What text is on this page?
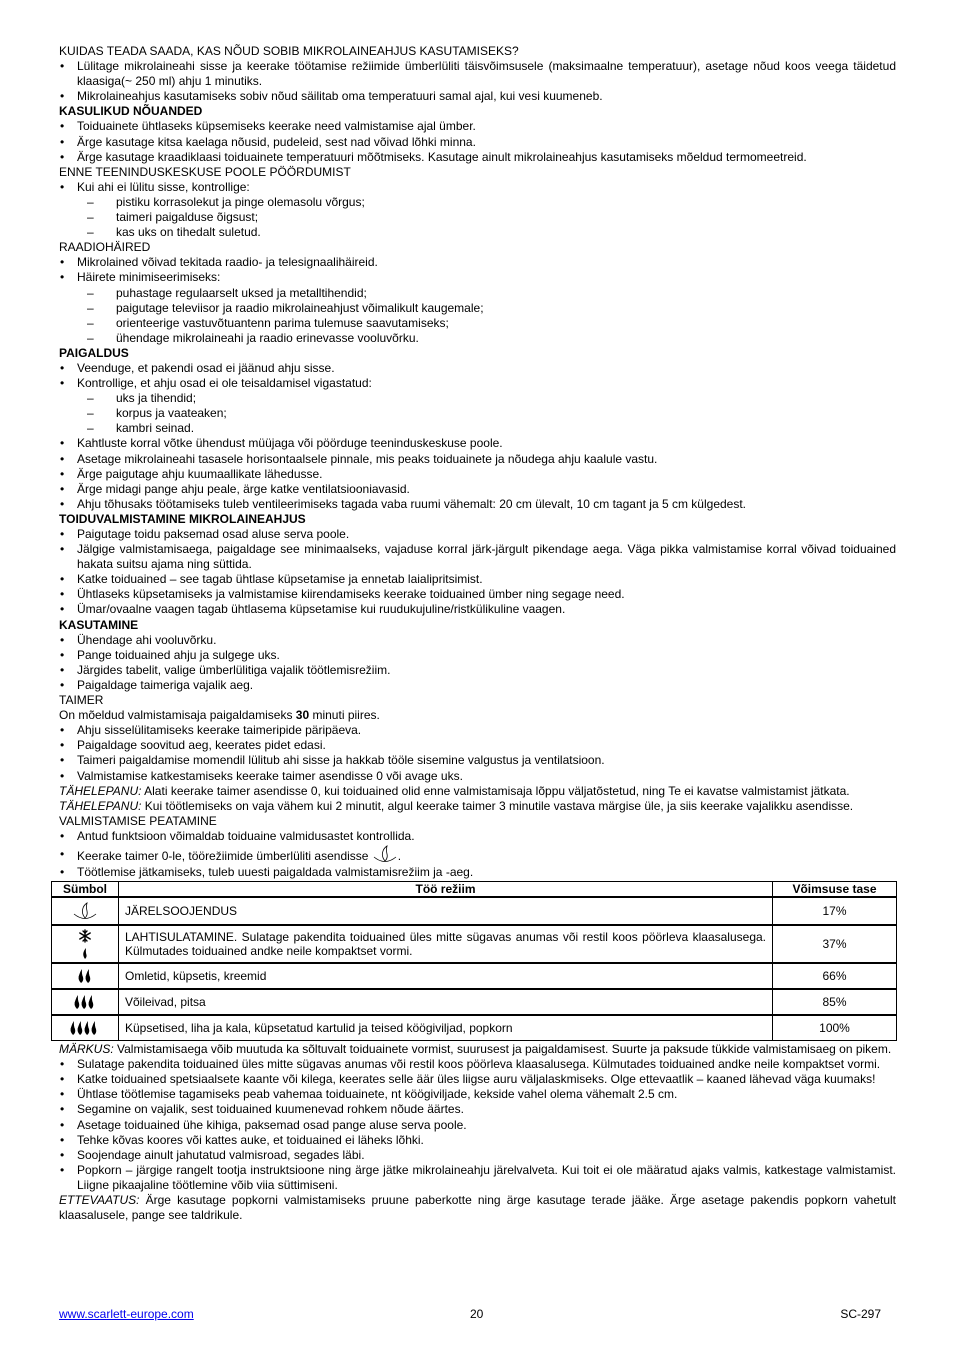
KUIDAS TEADA SAADA, KAS NÕUD SOBIB MIKROLAINEAHJUS KASUTAMISEKS?
• Lülitage mikrolaineahi sisse ja keerake töötamise režiimide ümberlüliti täisvõimsusele (maksimaalne temperatuur), asetage nõud koos veega täidetud klaasiga(~ 250 ml) ahju 1 minutiks.
• Mikrolaineahjus kasutamiseks sobiv nõud säilitab oma temperatuuri samal ajal, kui vesi kuumeneb.
KASULIKUD NÕUANDED
• Toiduainete ühtlaseks küpsemiseks keerake need valmistamise ajal ümber.
• Ärge kasutage kitsa kaelaga nõusid, pudeleid, sest nad võivad lõhki minna.
• Ärge kasutage kraadiklaasi toiduainete temperatuuri mõõtmiseks. Kasutage ainult mikrolaineahjus kasutamiseks mõeldud termomeetreid.
ENNE TEENINDUSKESKUSE POOLE PÖÖRDUMIST
• Kui ahi ei lülitu sisse, kontrollige:
– pistiku korrasolekut ja pinge olemasolu võrgus;
– taimeri paigalduse õigsust;
– kas uks on tihedalt suletud.
RAADIOHÄIRED
• Mikrolained võivad tekitada raadio- ja telesignaalihäireid.
• Häirete minimiseerimiseks:
– puhastage regulaarselt uksed ja metalltihendid;
– paigutage televiisor ja raadio mikrolaineahjust võimalikult kaugemale;
– orienteerige vastuvõtuantenn parima tulemuse saavutamiseks;
– ühendage mikrolaineahi ja raadio erinevasse vooluvõrku.
PAIGALDUS
• Veenduge, et pakendi osad ei jäänud ahju sisse.
• Kontrollige, et ahju osad ei ole teisaldamisel vigastatud:
– uks ja tihendid;
– korpus ja vaateaken;
– kambri seinad.
• Kahtluste korral võtke ühendust müüjaga või pöörduge teeninduskeskuse poole.
• Asetage mikrolaineahi tasasele horisontaalsele pinnale, mis peaks toiduainete ja nõudega ahju kaalule vastu.
• Ärge paigutage ahju kuumaallikate lähedusse.
• Ärge midagi pange ahju peale, ärge katke ventilatsiooniavasid.
• Ahju tõhusaks töötamiseks tuleb ventileerimiseks tagada vaba ruumi vähemalt: 20 cm ülevalt, 10 cm tagant ja 5 cm külgedest.
TOIDUVALMISTAMINE MIKROLAINEAHJUS
• Paigutage toidu paksemad osad aluse serva poole.
• Jälgige valmistamisaega, paigaldage see minimaalseks, vajaduse korral järk-järgult pikendage aega. Väga pikka valmistamise korral võivad toiduained hakata suitsu ajama ning süttida.
• Katke toiduained – see tagab ühtlase küpsetamise ja ennetab laialipritsimist.
• Ühtlaseks küpsetamiseks ja valmistamise kiirendamiseks keerake toiduained ümber ning segage need.
• Ümar/ovaalne vaagen tagab ühtlasema küpsetamise kui ruudukujuline/ristkülikuline vaagen.
KASUTAMINE
• Ühendage ahi vooluvõrku.
• Pange toiduained ahju ja sulgege uks.
• Järgides tabelit, valige ümberlülitiga vajalik töötlemisrežiim.
• Paigaldage taimeriga vajalik aeg.
TAIMER
On mõeldud valmistamisaja paigaldamiseks 30 minuti piires.
• Ahju sisselülitamiseks keerake taimeripide päripäeva.
• Paigaldage soovitud aeg, keerates pidet edasi.
• Taimeri paigaldamise momendil lülitub ahi sisse ja hakkab tööle sisemine valgustus ja ventilatsioon.
• Valmistamise katkestamiseks keerake taimer asendisse 0 või avage uks.
TÄHELEPANU: Alati keerake taimer asendisse 0, kui toiduained olid enne valmistamisaja lõppu väljatõstetud, ning Te ei kavatse valmistamist jätkata.
TÄHELEPANU: Kui töötlemiseks on vaja vähem kui 2 minutit, algul keerake taimer 3 minutile vastava märgise üle, ja siis keerake vajalikku asendisse.
VALMISTAMISE PEATAMINE
• Antud funktsioon võimaldab toiduaine valmidusastet kontrollida.
• Keerake taimer 0-le, töörežiimide ümberlüliti asendisse .
• Töötlemise jätkamiseks, tuleb uuesti paigaldada valmistamisrežiim ja -aeg.
Sümbol	Töö režiim	Võimsuse tase

	JÄRELSOOJENDUS	17%

	LAHTISULATAMINE. Sulatage pakendita toiduained üles mitte sügavas anumas või restil koos pöörleva klaasalusega. Külmutades toiduained andke neile kompaktset vormi.	37%

	Omletid, küpsetis, kreemid	66%

	Võileivad, pitsa	85%

	Küpsetised, liha ja kala, küpsetatud kartulid ja teised köögiviljad, popkorn	100%
MÄRKUS: Valmistamisaega võib muutuda ka sõltuvalt toiduainete vormist, suurusest ja paigaldamisest. Suurte ja paksude tükkide valmistamisaeg on pikem.
• Sulatage pakendita toiduained üles mitte sügavas anumas või restil koos pöörleva klaasalusega. Külmutades toiduained andke neile kompaktset vormi.
• Katke toiduained spetsiaalsete kaante või kilega, keerates selle äär üles liigse auru väljalaskmiseks. Olge ettevaatlik – kaaned lähevad väga kuumaks!
• Ühtlase töötlemise tagamiseks peab vahemaa toiduainete, nt köögiviljade, kekside vahel olema vähemalt 2.5 cm.
• Segamine on vajalik, sest toiduained kuumenevad rohkem nõude äärtes.
• Asetage toiduained ühe kihiga, paksemad osad pange aluse serva poole.
• Tehke kõvas koores või kattes auke, et toiduained ei läheks lõhki.
• Soojendage ainult jahutatud valmisroad, segades läbi.
• Popkorn – järgige rangelt tootja instruktsioone ning ärge jätke mikrolaineahju järelvalveta. Kui toit ei ole määratud ajaks valmis, katkestage valmistamist. Liigne pikaajaline töötlemine võib viia süttimiseni.
ETTEVAATUS: Ärge kasutage popkorni valmistamiseks pruune paberkotte ning ärge kasutage terade jääke. Ärge asetage pakendis popkorn vahetult klaasalusele, pange see taldrikule.
www.scarlett-europe.com	20	SC-297
